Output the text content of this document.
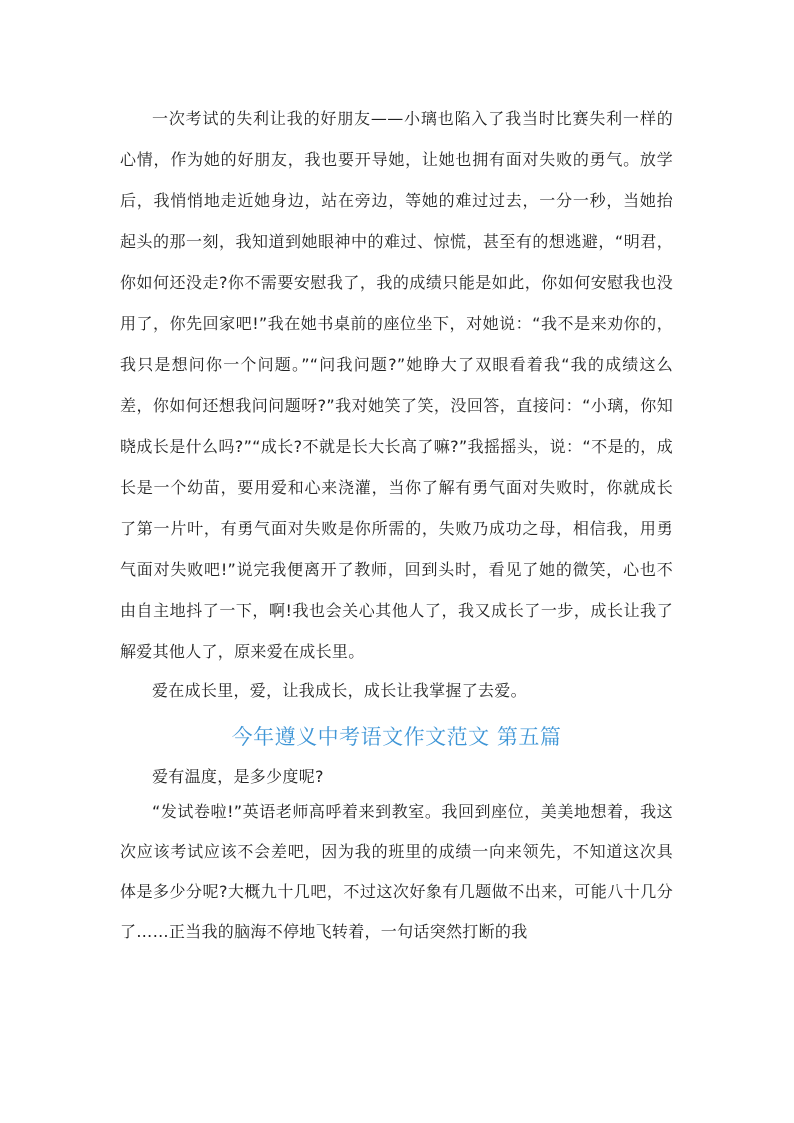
一次考试的失利让我的好朋友——小璃也陷入了我当时比赛失利一样的心情，作为她的好朋友，我也要开导她，让她也拥有面对失败的勇气。放学后，我悄悄地走近她身边，站在旁边，等她的难过过去，一分一秒，当她抬起头的那一刻，我知道到她眼神中的难过、惊慌，甚至有的想逃避，“明君，你如何还没走?你不需要安慰我了，我的成绩只能是如此，你如何安慰我也没用了，你先回家吧!”我在她书桌前的座位坐下，对她说：“我不是来劝你的，我只是想问你一个问题。”“问我问题?”她睁大了双眼看着我“我的成绩这么差，你如何还想我问问题呀?”我对她笑了笑，没回答，直接问：“小璃，你知晓成长是什么吗?”“成长?不就是长大长高了嘛?”我摇摇头，说：“不是的，成长是一个幼苗，要用爱和心来浇灌，当你了解有勇气面对失败时，你就成长了第一片叶，有勇气面对失败是你所需的，失败乃成功之母，相信我，用勇气面对失败吧!”说完我便离开了教师，回到头时，看见了她的微笑，心也不由自主地抖了一下，啊!我也会关心其他人了，我又成长了一步，成长让我了解爱其他人了，原来爱在成长里。

爱在成长里，爱，让我成长，成长让我掌握了去爱。

今年遵义中考语文作文范文 第五篇

爱有温度，是多少度呢?

“发试卷啦!”英语老师高呼着来到教室。我回到座位，美美地想着，我这次应该考试应该不会差吧，因为我的班里的成绩一向来领先，不知道这次具体是多少分呢?大概九十几吧，不过这次好象有几题做不出来，可能八十几分了……正当我的脑海不停地飞转着，一句话突然打断的我
